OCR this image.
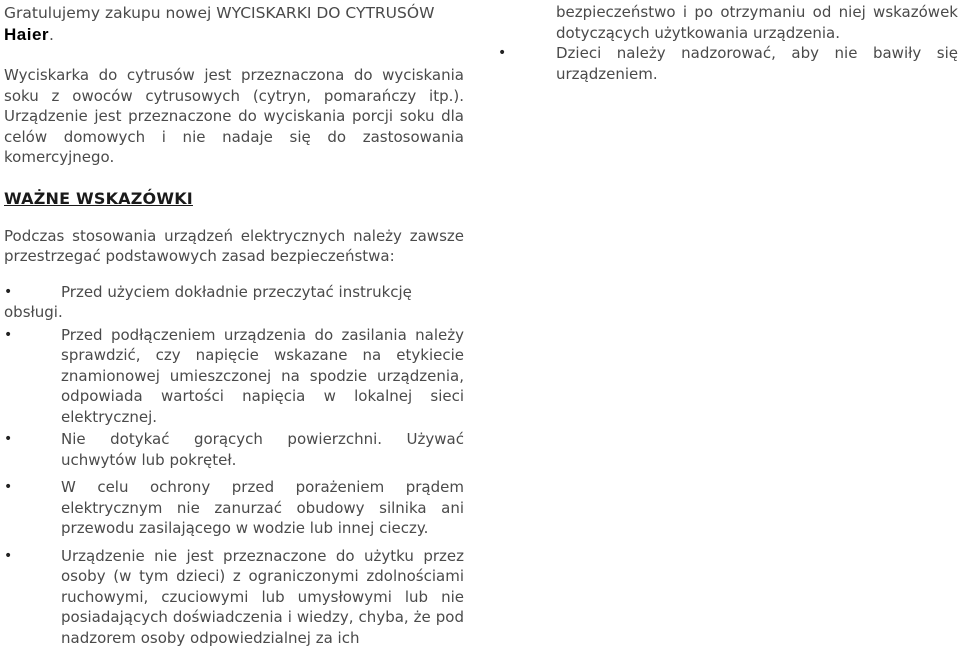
Gratulujemy zakupu nowej WYCISKARKI DO CYTRUSÓW Haier.

Wyciskarka do cytrusów jest przeznaczona do wyciskania soku z owoców cytrusowych (cytryn, pomarańczy itp.). Urządzenie jest przeznaczone do wyciskania porcji soku dla celów domowych i nie nadaje się do zastosowania komercyjnego.

WAŻNE WSKAZÓWKI

Podczas stosowania urządzeń elektrycznych należy zawsze przestrzegać podstawowych zasad bezpieczeństwa:

•	Przed użyciem dokładnie przeczytać instrukcję
obsługi.
•	Przed podłączeniem urządzenia do zasilania należy sprawdzić, czy napięcie wskazane na etykiecie znamionowej umieszczonej na spodzie urządzenia, odpowiada wartości napięcia w lokalnej sieci elektrycznej.
•	Nie dotykać gorących powierzchni. Używać uchwytów lub pokręteł.
•	W celu ochrony przed porażeniem prądem elektrycznym nie zanurzać obudowy silnika ani przewodu zasilającego w wodzie lub innej cieczy.
•	Urządzenie nie jest przeznaczone do użytku przez osoby (w tym dzieci) z ograniczonymi zdolnościami ruchowymi, czuciowymi lub umysłowymi lub nie posiadających doświadczenia i wiedzy, chyba, że pod nadzorem osoby odpowiedzialnej za ich

bezpieczeństwo i po otrzymaniu od niej wskazówek dotyczących użytkowania urządzenia.

•	Dzieci należy nadzorować, aby nie bawiły się urządzeniem.
